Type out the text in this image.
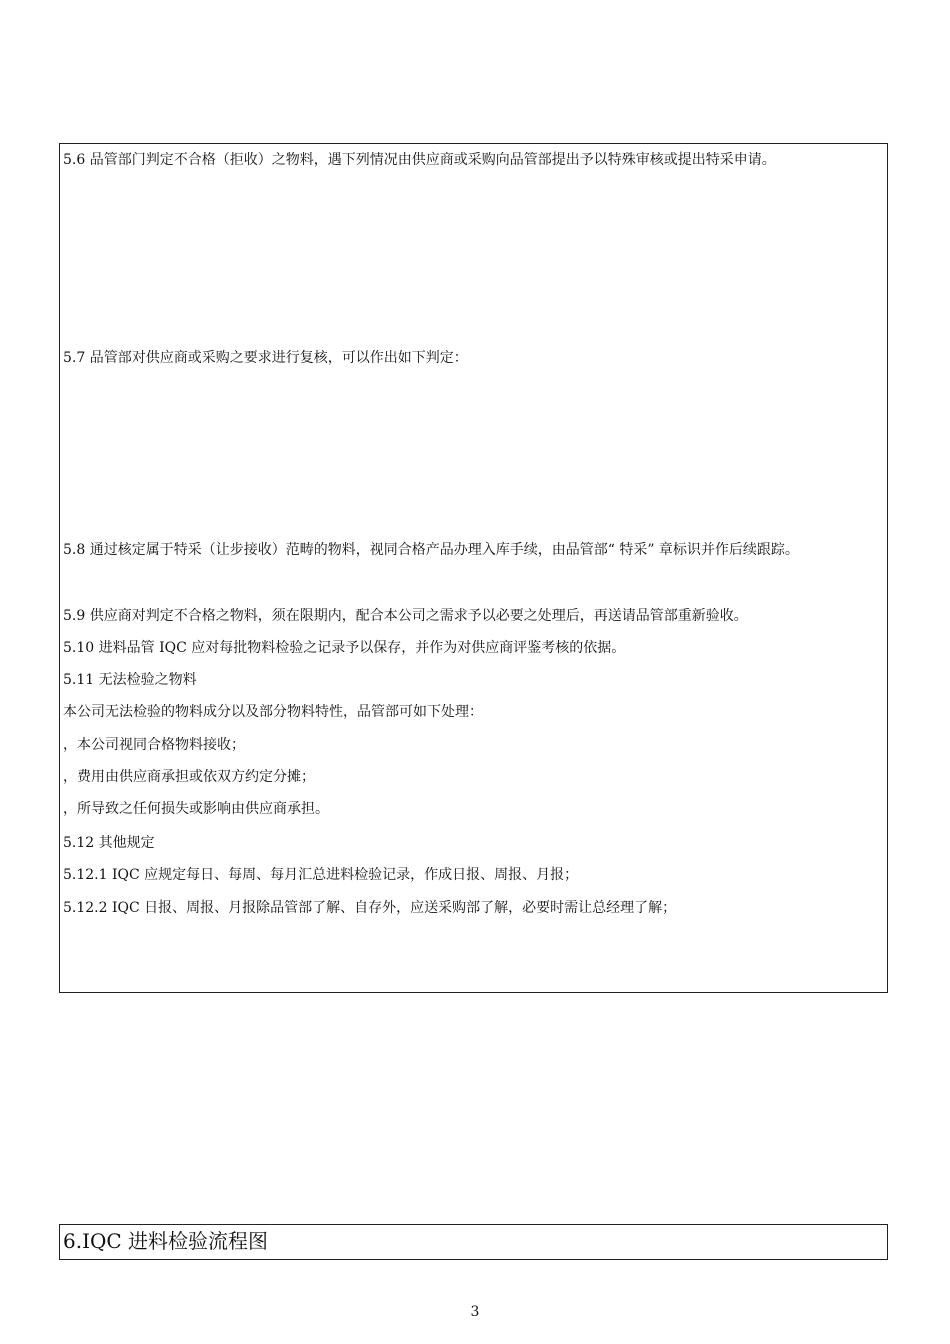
5.6 品管部门判定不合格（拒收）之物料，遇下列情况由供应商或采购向品管部提出予以特殊审核或提出特采申请。
5.7 品管部对供应商或采购之要求进行复核，可以作出如下判定：
5.8 通过核定属于特采（让步接收）范畴的物料，视同合格产品办理入库手续，由品管部“ 特采” 章标识并作后续跟踪。
5.9 供应商对判定不合格之物料，须在限期内，配合本公司之需求予以必要之处理后，再送请品管部重新验收。
5.10 进料品管 IQC 应对每批物料检验之记录予以保存，并作为对供应商评鉴考核的依据。
5.11 无法检验之物料
本公司无法检验的物料成分以及部分物料特性，品管部可如下处理：
，本公司视同合格物料接收；
，费用由供应商承担或依双方约定分摊；
，所导致之任何损失或影响由供应商承担。
5.12 其他规定
5.12.1 IQC 应规定每日、每周、每月汇总进料检验记录，作成日报、周报、月报；
5.12.2 IQC 日报、周报、月报除品管部了解、自存外，应送采购部了解，必要时需让总经理了解；
6.IQC 进料检验流程图
3
